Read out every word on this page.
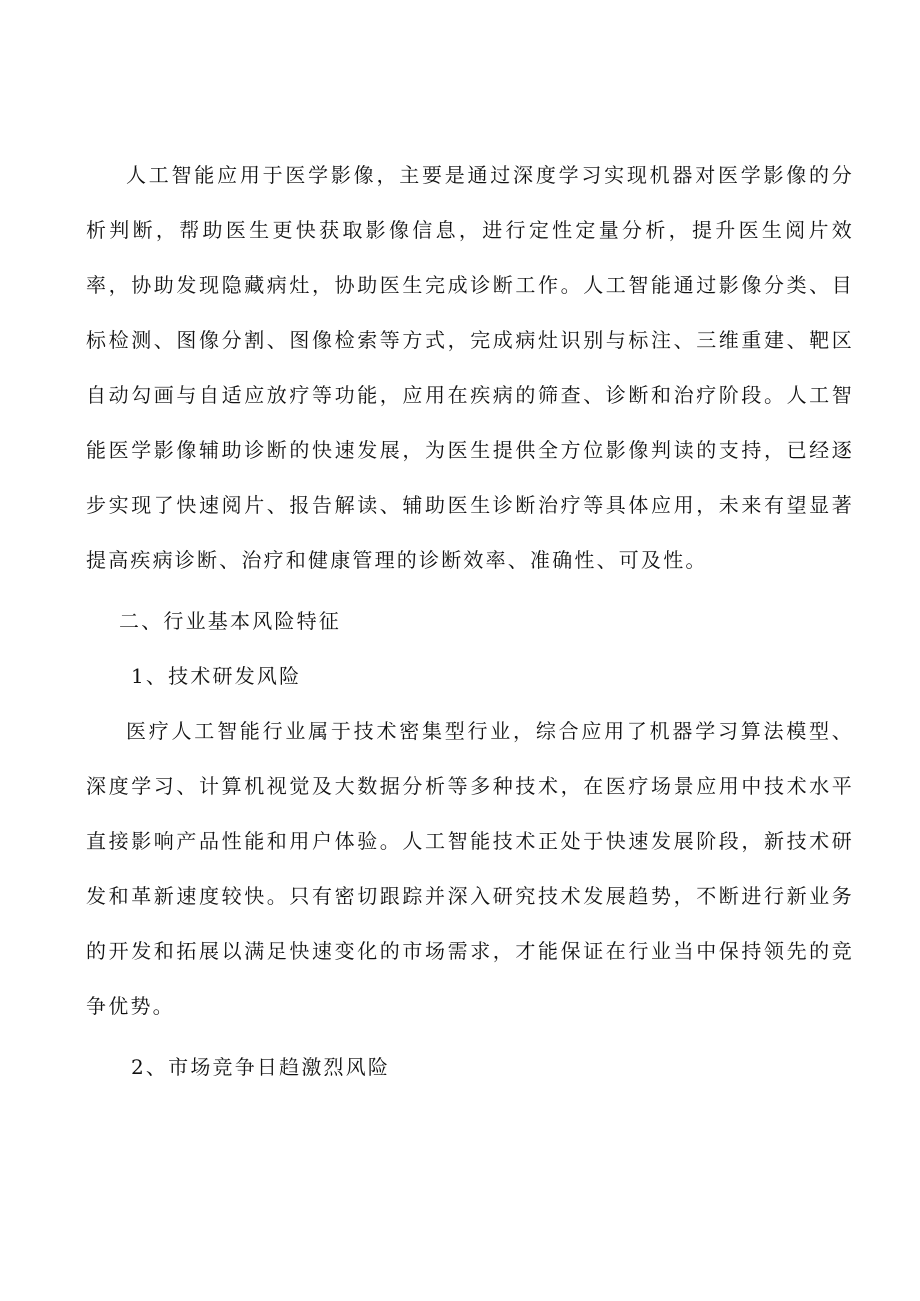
人工智能应用于医学影像，主要是通过深度学习实现机器对医学影像的分析判断，帮助医生更快获取影像信息，进行定性定量分析，提升医生阅片效率，协助发现隐藏病灶，协助医生完成诊断工作。人工智能通过影像分类、目标检测、图像分割、图像检索等方式，完成病灶识别与标注、三维重建、靶区自动勾画与自适应放疗等功能，应用在疾病的筛查、诊断和治疗阶段。人工智能医学影像辅助诊断的快速发展，为医生提供全方位影像判读的支持，已经逐步实现了快速阅片、报告解读、辅助医生诊断治疗等具体应用，未来有望显著提高疾病诊断、治疗和健康管理的诊断效率、准确性、可及性。

二、行业基本风险特征

1、技术研发风险

医疗人工智能行业属于技术密集型行业，综合应用了机器学习算法模型、深度学习、计算机视觉及大数据分析等多种技术，在医疗场景应用中技术水平直接影响产品性能和用户体验。人工智能技术正处于快速发展阶段，新技术研发和革新速度较快。只有密切跟踪并深入研究技术发展趋势，不断进行新业务的开发和拓展以满足快速变化的市场需求，才能保证在行业当中保持领先的竞争优势。

2、市场竞争日趋激烈风险
